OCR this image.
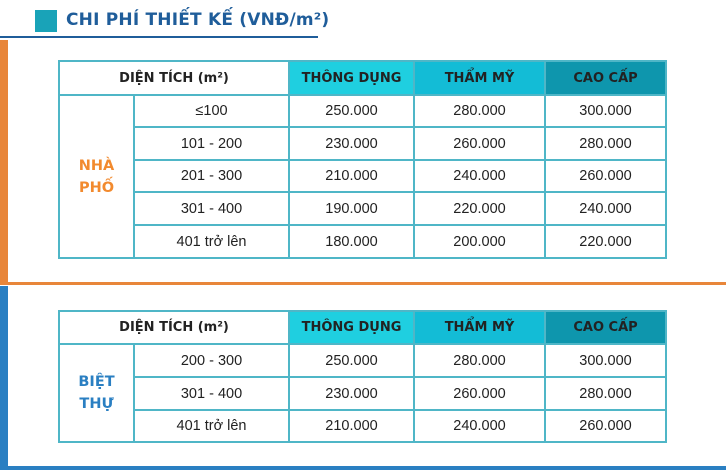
CHI PHÍ THIẾT KẾ (VNĐ/m²)
DIỆN TÍCH (m²)		THÔNG DỤNG	THẨM MỸ	CAO CẤP

NHÀ
PHỐ	≤100	250.000	280.000	300.000
	101 - 200	230.000	260.000	280.000
	201 - 300	210.000	240.000	260.000
	301 - 400	190.000	220.000	240.000
	401 trở lên	180.000	200.000	220.000
DIỆN TÍCH (m²)		THÔNG DỤNG	THẨM MỸ	CAO CẤP

BIỆT
THỰ	200 - 300	250.000	280.000	300.000
	301 - 400	230.000	260.000	280.000
	401 trở lên	210.000	240.000	260.000
